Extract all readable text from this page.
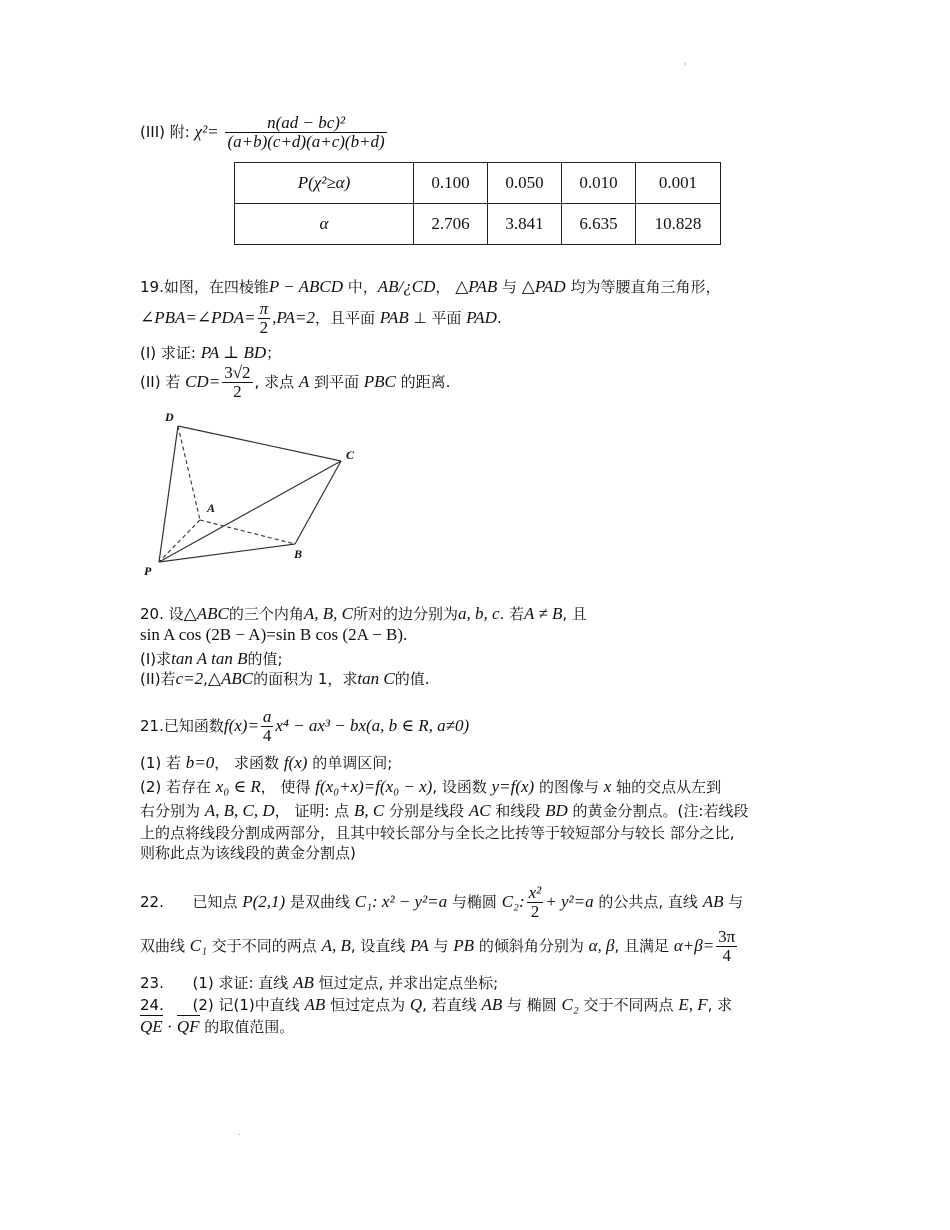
'
.
(III) 附: $\chi^2= \frac{\text{n(ad − bc)²}}{(a+b)(c+d)(a+c)(b+d)}$
P(χ²≥α)	0.100	0.050	0.010	0.001
α	2.706	3.841	6.635	10.828
19.如图，在四棱锥P − ABCD 中，AB/¿CD， △PAB 与 △PAD 均为等腰直角三角形，
∠PBA=∠PDA= $\frac{\pi}{2} ,PA=2$，且平面 PAB ⊥ 平面 PAD.
(I) 求证: PA ⊥ BD；
(II) 若 $CD= \frac{3√2}{2}$ , 求点 A 到平面 PBC 的距离.
D
C
A
B
P
20. 设△ABC的三个内角A, B, C所对的边分别为a, b, c. 若A ≠ B, 且
sin A cos (2B − A)=sin B cos (2A − B).
(I)求tan A tan B的值;
(II)若c=2,△ABC的面积为 1，求tan C的值.
21.已知函数$f(x)= \frac{a}{4} x^4 - ax^3 - bx(a$, b ∈ R, a≠0)
(1) 若 b=0， 求函数 f(x) 的单调区间;
(2) 若存在 x₀ ∈ R， 使得 f(x₀+x)=f(x₀ − x), 设函数 y=f(x) 的图像与 x 轴的交点从左到
右分别为 A, B, C, D， 证明: 点 B, C 分别是线段 AC 和线段 BD 的黄金分割点。(注:若线段
上的点将线段分割成两部分，且其中较长部分与全长之比抟等于较短部分与较长 部分之比,
则称此点为该线段的黄金分割点)
22. 已知点 P(2,1) 是双曲线 C₁: x² − y²=a 与椭圆 C₂: $\frac{\text{x²}}{2} + y^2=a$ 的公共点, 直线 AB 与
双曲线 C₁ 交于不同的两点 A, B, 设直线 PA 与 PB 的倾斜角分别为 α, β, 且满足 $\alpha+\beta= \frac{3\pi}{4}$
23. (1) 求证: 直线 AB 恒过定点, 并求出定点坐标;
24. (2) 记(1)中直线 AB 恒过定点为 Q, 若直线 AB 与 椭圆 C₂ 交于不同两点 E, F, 求
QE · QF 的取值范围。
